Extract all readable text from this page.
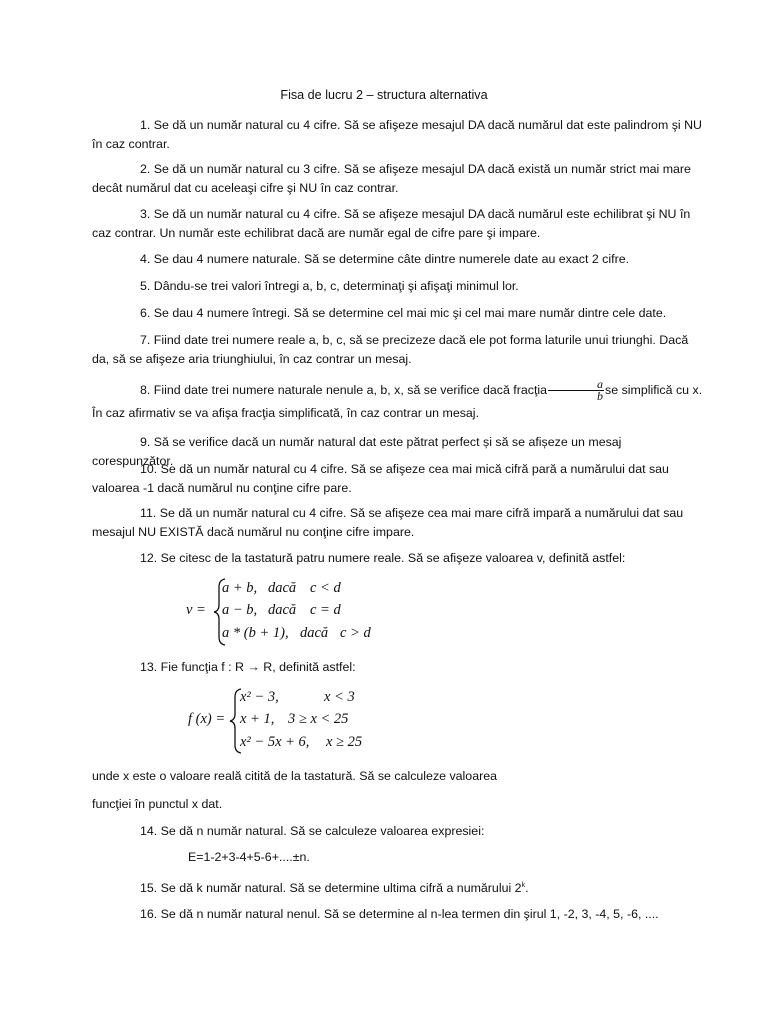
Fisa de lucru 2 – structura alternativa
1. Se dă un număr natural cu 4 cifre. Să se afişeze mesajul DA dacă numărul dat este palindrom şi NU în caz contrar.
2. Se dă un număr natural cu 3 cifre. Să se afişeze mesajul DA dacă există un număr strict mai mare decât numărul dat cu aceleaşi cifre şi NU în caz contrar.
3. Se dă un număr natural cu 4 cifre. Să se afişeze mesajul DA dacă numărul este echilibrat şi NU în caz contrar. Un număr este echilibrat dacă are număr egal de cifre pare şi impare.
4. Se dau 4 numere naturale. Să se determine câte dintre numerele date au exact 2 cifre.
5. Dându-se trei valori întregi a, b, c, determinaţi şi afişaţi minimul lor.
6. Se dau 4 numere întregi. Să se determine cel mai mic şi cel mai mare număr dintre cele date.
7. Fiind date trei numere reale a, b, c, să se precizeze dacă ele pot forma laturile unui triunghi. Dacă da, să se afişeze aria triunghiului, în caz contrar un mesaj.
8. Fiind date trei numere naturale nenule a, b, x, să se verifice dacă fracţia $\frac{a}{b}$ se simplifică cu x. În caz afirmativ se va afişa fracţia simplificată, în caz contrar un mesaj.
9. Să se verifice dacă un număr natural dat este pătrat perfect și să se afișeze un mesaj corespunzător.
10. Se dă un număr natural cu 4 cifre. Să se afişeze cea mai mică cifră pară a numărului dat sau valoarea -1 dacă numărul nu conţine cifre pare.
11. Se dă un număr natural cu 4 cifre. Să se afişeze cea mai mare cifră impară a numărului dat sau mesajul NU EXISTĂ dacă numărul nu conţine cifre impare.
12. Se citesc de la tastatură patru numere reale. Să se afişeze valoarea v, definită astfel:
v =
a + b, dacă c < d
a − b, dacă c = d
a * (b + 1), dacă c > d
13. Fie funcţia f : R → R, definită astfel:
f (x) =
x² − 3,	x < 3
x + 1, 3 ≥ x < 25
x² − 5x + 6, x ≥ 25
unde x este o valoare reală citită de la tastatură. Să se calculeze valoarea
funcţiei în punctul x dat.
14. Se dă n număr natural. Să se calculeze valoarea expresiei:
E=1-2+3-4+5-6+....±n.
15. Se dă k număr natural. Să se determine ultima cifră a numărului 2$^k$.
16. Se dă n număr natural nenul. Să se determine al n-lea termen din şirul 1, -2, 3, -4, 5, -6, ....
